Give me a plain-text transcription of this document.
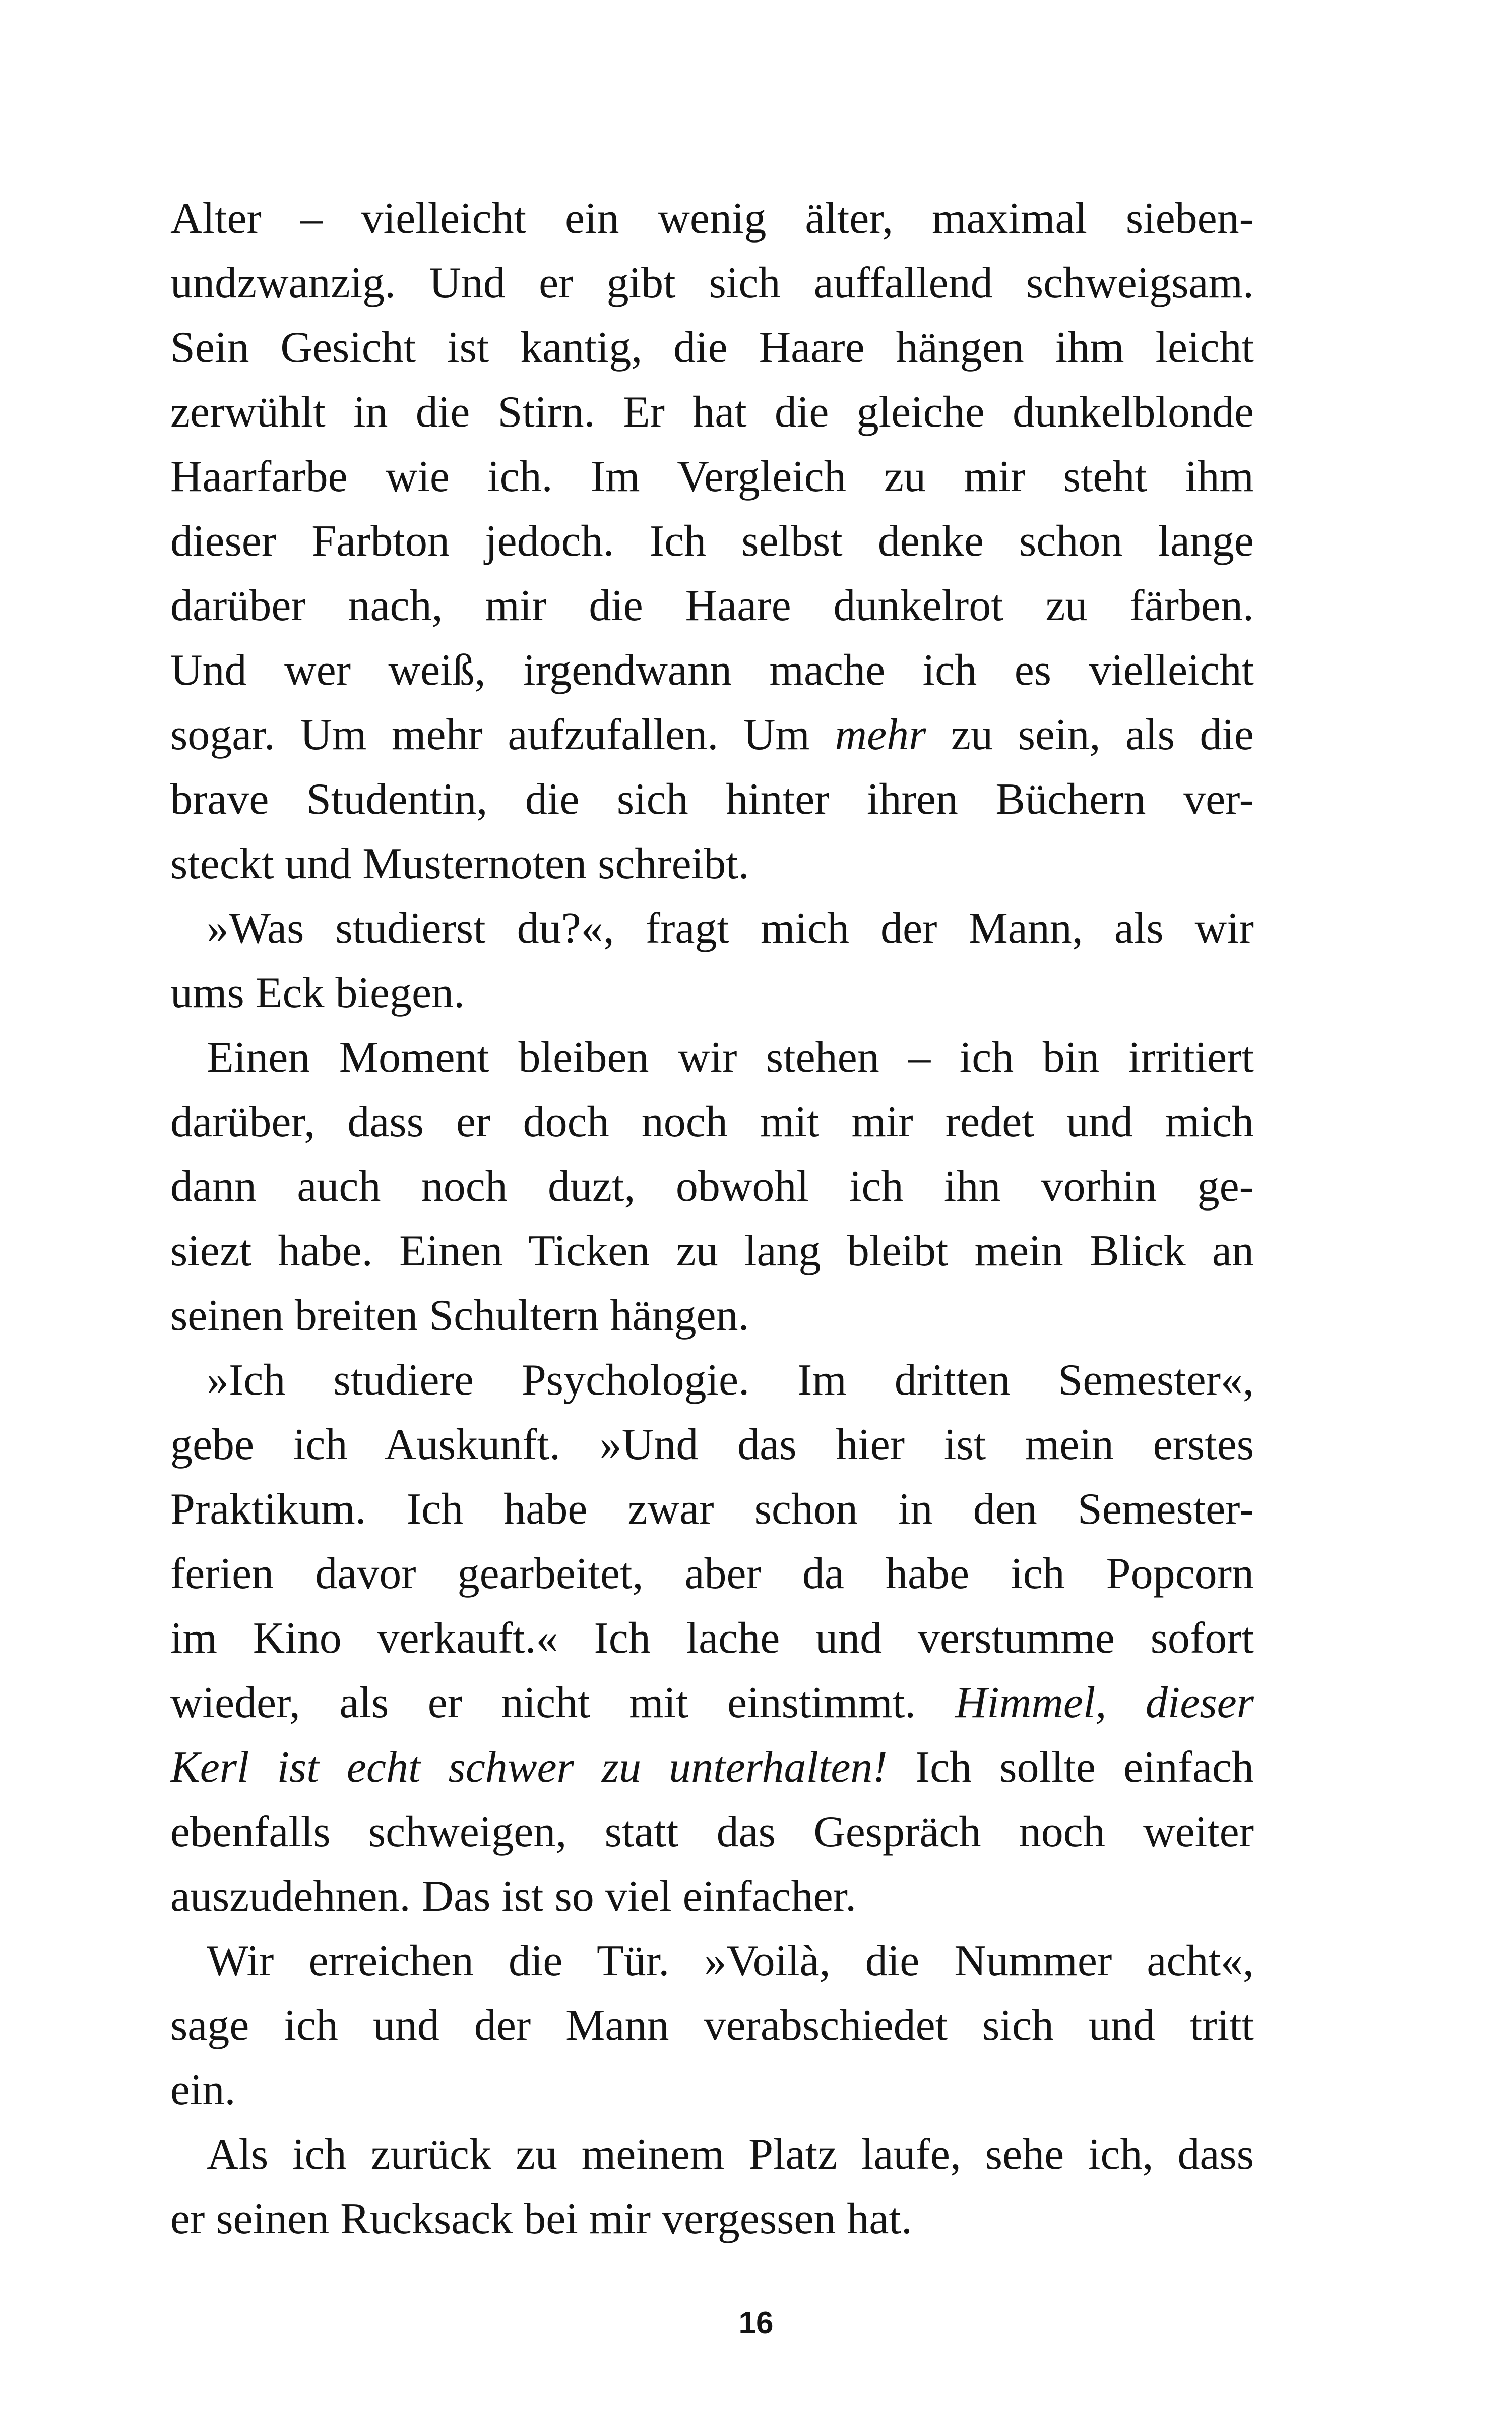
Alter – vielleicht ein wenig älter, maximal sieben-
undzwanzig. Und er gibt sich auffallend schweigsam.
Sein Gesicht ist kantig, die Haare hängen ihm leicht
zerwühlt in die Stirn. Er hat die gleiche dunkelblonde
Haarfarbe wie ich. Im Vergleich zu mir steht ihm
dieser Farbton jedoch. Ich selbst denke schon lange
darüber nach, mir die Haare dunkelrot zu färben.
Und wer weiß, irgendwann mache ich es vielleicht
sogar. Um mehr aufzufallen. Um mehr zu sein, als die
brave Studentin, die sich hinter ihren Büchern ver-
steckt und Musternoten schreibt.
»Was studierst du?«, fragt mich der Mann, als wir
ums Eck biegen.
Einen Moment bleiben wir stehen – ich bin irritiert
darüber, dass er doch noch mit mir redet und mich
dann auch noch duzt, obwohl ich ihn vorhin ge-
siezt habe. Einen Ticken zu lang bleibt mein Blick an
seinen breiten Schultern hängen.
»Ich studiere Psychologie. Im dritten Semester«,
gebe ich Auskunft. »Und das hier ist mein erstes
Praktikum. Ich habe zwar schon in den Semester-
ferien davor gearbeitet, aber da habe ich Popcorn
im Kino verkauft.« Ich lache und verstumme sofort
wieder, als er nicht mit einstimmt. Himmel, dieser
Kerl ist echt schwer zu unterhalten! Ich sollte einfach
ebenfalls schweigen, statt das Gespräch noch weiter
auszudehnen. Das ist so viel einfacher.
Wir erreichen die Tür. »Voilà, die Nummer acht«,
sage ich und der Mann verabschiedet sich und tritt
ein.
Als ich zurück zu meinem Platz laufe, sehe ich, dass
er seinen Rucksack bei mir vergessen hat.
16
